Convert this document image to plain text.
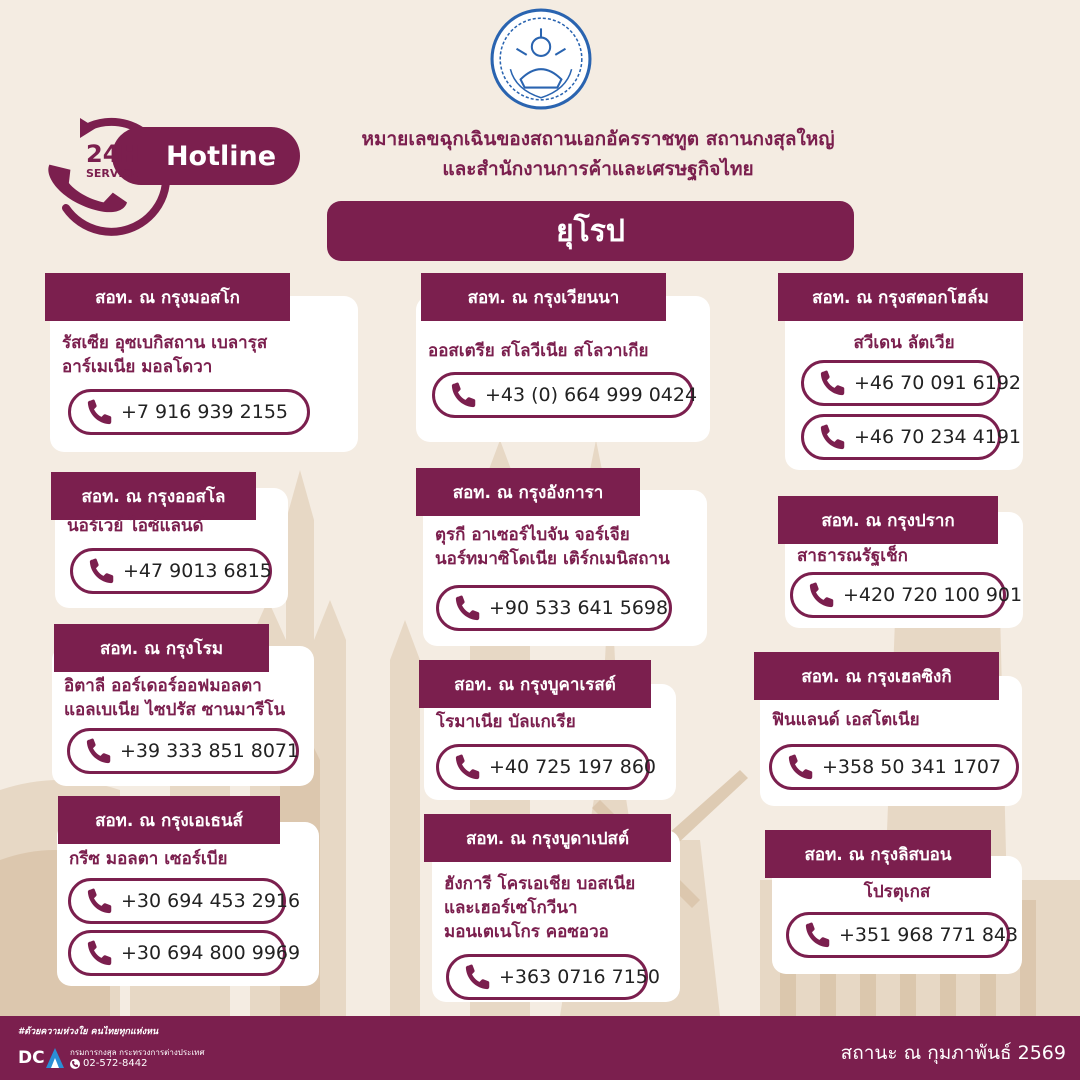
Hotline
24H
SERVICE
หมายเลขฉุกเฉินของสถานเอกอัครราชทูต สถานกงสุลใหญ่
และสำนักงานการค้าและเศรษฐกิจไทย
ยุโรป
สอท. ณ กรุงมอสโก
รัสเซีย อุซเบกิสถาน เบลารุส
อาร์เมเนีย มอลโดวา
+7 916 939 2155
สอท. ณ กรุงเวียนนา
ออสเตรีย สโลวีเนีย สโลวาเกีย
+43 (0) 664 999 0424
สอท. ณ กรุงสตอกโฮล์ม
สวีเดน ลัตเวีย
+46 70 091 6192
+46 70 234 4191
สอท. ณ กรุงออสโล
นอร์เวย์ ไอซ์แลนด์
+47 9013 6815
สอท. ณ กรุงอังการา
ตุรกี อาเซอร์ไบจัน จอร์เจีย
นอร์ทมาซิโดเนีย เติร์กเมนิสถาน
+90 533 641 5698
สอท. ณ กรุงปราก
สาธารณรัฐเช็ก
+420 720 100 901
สอท. ณ กรุงโรม
อิตาลี ออร์เดอร์ออฟมอลตา
แอลเบเนีย ไซปรัส ซานมารีโน
+39 333 851 8071
สอท. ณ กรุงบูคาเรสต์
โรมาเนีย บัลแกเรีย
+40 725 197 860
สอท. ณ กรุงเฮลซิงกิ
ฟินแลนด์ เอสโตเนีย
+358 50 341 1707
สอท. ณ กรุงเอเธนส์
กรีซ มอลตา เซอร์เบีย
+30 694 453 2916
+30 694 800 9969
สอท. ณ กรุงบูดาเปสต์
ฮังการี โครเอเชีย บอสเนีย
และเฮอร์เซโกวีนา
มอนเตเนโกร คอซอวอ
+363 0716 7150
สอท. ณ กรุงลิสบอน
โปรตุเกส
+351 968 771 843
#ด้วยความห่วงใย คนไทยทุกแห่งหน
DC	กรมการกงสุล กระทรวงการต่างประเทศ
02-572-8442	สถานะ ณ กุมภาพันธ์ 2569
